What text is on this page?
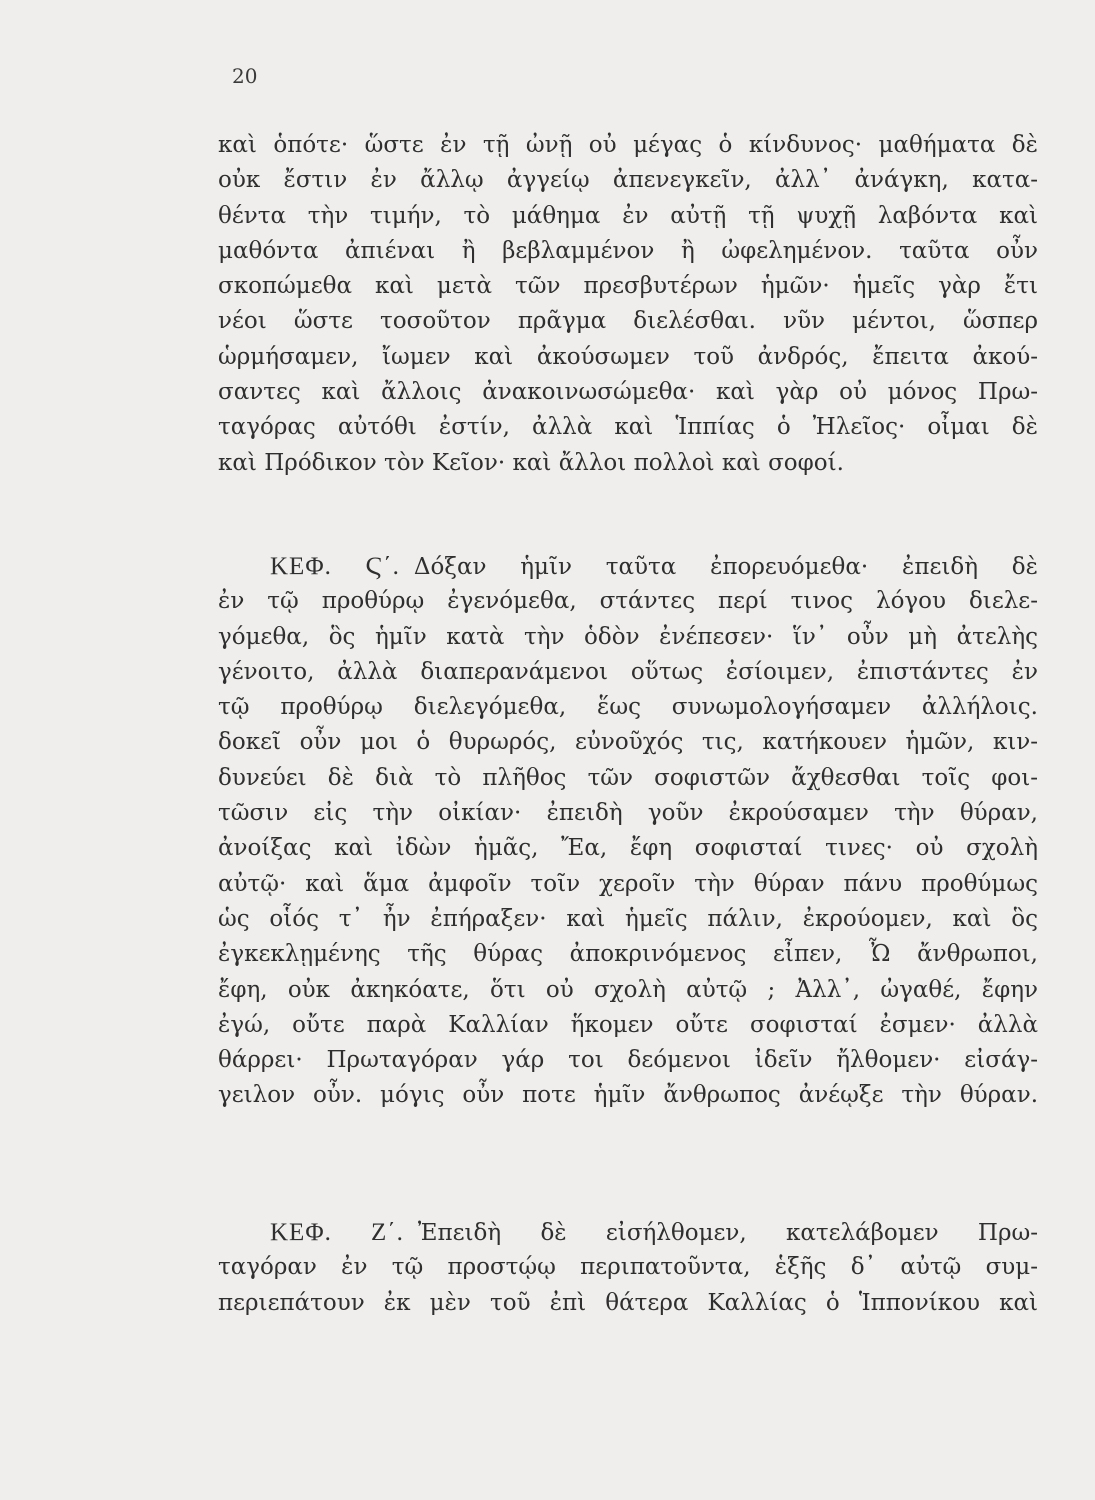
20
καὶ ὁπότε· ὥστε ἐν τῇ ὠνῇ οὐ μέγας ὁ κίνδυνος· μαθήματα δὲ
οὐκ ἔστιν ἐν ἄλλῳ ἀγγείῳ ἀπενεγκεῖν, ἀλλ᾽ ἀνάγκη, κατα-
θέντα τὴν τιμήν, τὸ μάθημα ἐν αὐτῇ τῇ ψυχῇ λαβόντα καὶ
μαθόντα ἀπιέναι ἢ βεβλαμμένον ἢ ὠφελημένον. ταῦτα οὖν
σκοπώμεθα καὶ μετὰ τῶν πρεσβυτέρων ἡμῶν· ἡμεῖς γὰρ ἔτι
νέοι ὥστε τοσοῦτον πρᾶγμα διελέσθαι. νῦν μέντοι, ὥσπερ
ὡρμήσαμεν, ἴωμεν καὶ ἀκούσωμεν τοῦ ἀνδρός, ἔπειτα ἀκού-
σαντες καὶ ἄλλοις ἀνακοινωσώμεθα· καὶ γὰρ οὐ μόνος Πρω-
ταγόρας αὐτόθι ἐστίν, ἀλλὰ καὶ Ἱππίας ὁ Ἠλεῖος· οἶμαι δὲ
καὶ Πρόδικον τὸν Κεῖον· καὶ ἄλλοι πολλοὶ καὶ σοφοί.
ΚΕΦ. Ϛ΄. Δόξαν ἡμῖν ταῦτα ἐπορευόμεθα· ἐπειδὴ δὲ
ἐν τῷ προθύρῳ ἐγενόμεθα, στάντες περί τινος λόγου διελε-
γόμεθα, ὃς ἡμῖν κατὰ τὴν ὁδὸν ἐνέπεσεν· ἵν᾽ οὖν μὴ ἀτελὴς
γένοιτο, ἀλλὰ διαπερανάμενοι οὕτως ἐσίοιμεν, ἐπιστάντες ἐν
τῷ προθύρῳ διελεγόμεθα, ἕως συνωμολογήσαμεν ἀλλήλοις.
δοκεῖ οὖν μοι ὁ θυρωρός, εὐνοῦχός τις, κατήκουεν ἡμῶν, κιν-
δυνεύει δὲ διὰ τὸ πλῆθος τῶν σοφιστῶν ἄχθεσθαι τοῖς φοι-
τῶσιν εἰς τὴν οἰκίαν· ἐπειδὴ γοῦν ἐκρούσαμεν τὴν θύραν,
ἀνοίξας καὶ ἰδὼν ἡμᾶς, Ἔα, ἔφη σοφισταί τινες· οὐ σχολὴ
αὐτῷ· καὶ ἅμα ἀμφοῖν τοῖν χεροῖν τὴν θύραν πάνυ προθύμως
ὡς οἷός τ᾽ ἦν ἐπήραξεν· καὶ ἡμεῖς πάλιν, ἐκρούομεν, καὶ ὃς
ἐγκεκλῃμένης τῆς θύρας ἀποκρινόμενος εἶπεν, Ὦ ἄνθρωποι,
ἔφη, οὐκ ἀκηκόατε, ὅτι οὐ σχολὴ αὐτῷ ; Ἀλλ᾽, ὠγαθέ, ἔφην
ἐγώ, οὔτε παρὰ Καλλίαν ἥκομεν οὔτε σοφισταί ἐσμεν· ἀλλὰ
θάρρει· Πρωταγόραν γάρ τοι δεόμενοι ἰδεῖν ἤλθομεν· εἰσάγ-
γειλον οὖν. μόγις οὖν ποτε ἡμῖν ἄνθρωπος ἀνέῳξε τὴν θύραν.
ΚΕΦ. Ζ΄. Ἐπειδὴ δὲ εἰσήλθομεν, κατελάβομεν Πρω-
ταγόραν ἐν τῷ προστῴῳ περιπατοῦντα, ἑξῆς δ᾽ αὐτῷ συμ-
περιεπάτουν ἐκ μὲν τοῦ ἐπὶ θάτερα Καλλίας ὁ Ἱππονίκου καὶ
